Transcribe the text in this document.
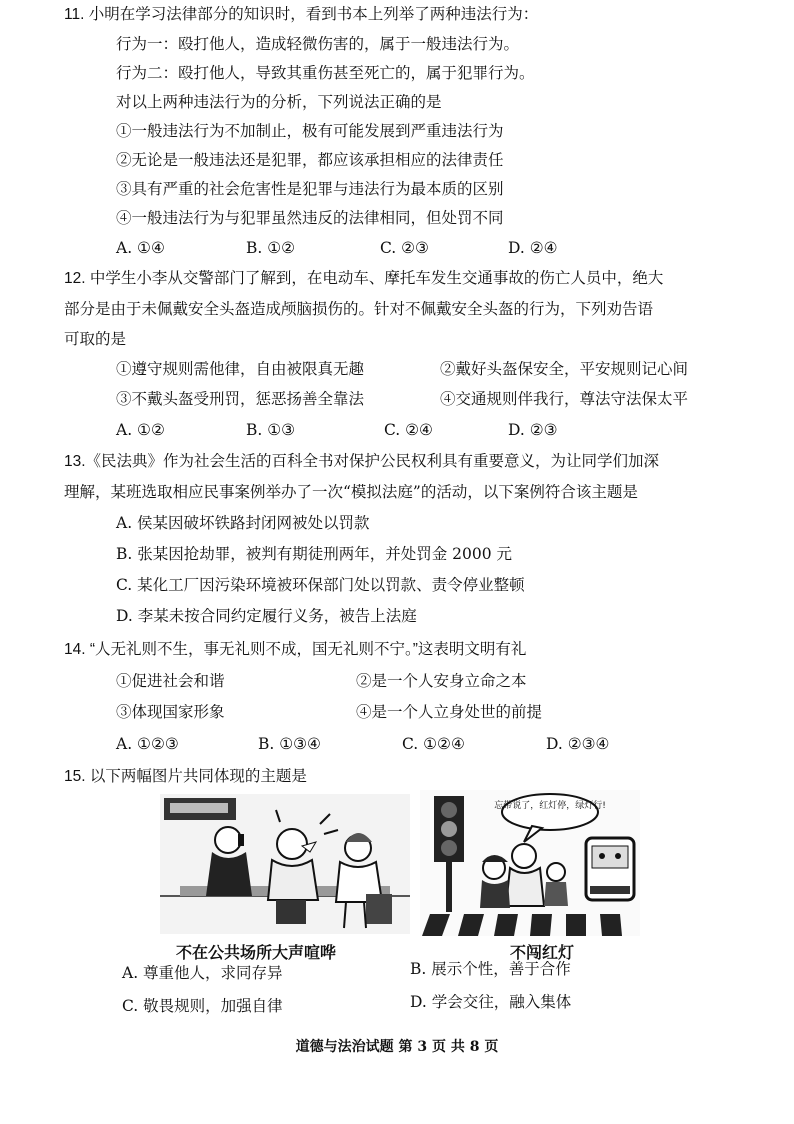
11. 小明在学习法律部分的知识时，看到书本上列举了两种违法行为：
行为一：殴打他人，造成轻微伤害的，属于一般违法行为。
行为二：殴打他人，导致其重伤甚至死亡的，属于犯罪行为。
对以上两种违法行为的分析，下列说法正确的是
①一般违法行为不加制止，极有可能发展到严重违法行为
②无论是一般违法还是犯罪，都应该承担相应的法律责任
③具有严重的社会危害性是犯罪与违法行为最本质的区别
④一般违法行为与犯罪虽然违反的法律相同，但处罚不同
A. ①④	B. ①②	C. ②③	D. ②④
12. 中学生小李从交警部门了解到，在电动车、摩托车发生交通事故的伤亡人员中，绝大
部分是由于未佩戴安全头盔造成颅脑损伤的。针对不佩戴安全头盔的行为，下列劝告语
可取的是
①遵守规则需他律，自由被限真无趣	②戴好头盔保安全，平安规则记心间
③不戴头盔受刑罚，惩恶扬善全靠法	④交通规则伴我行，尊法守法保太平
A. ①②	B. ①③	C. ②④	D. ②③
13.《民法典》作为社会生活的百科全书对保护公民权利具有重要意义，为让同学们加深
理解，某班选取相应民事案例举办了一次“模拟法庭”的活动，以下案例符合该主题是
A. 侯某因破坏铁路封闭网被处以罚款
B. 张某因抢劫罪，被判有期徒刑两年，并处罚金 2000 元
C. 某化工厂因污染环境被环保部门处以罚款、责令停业整顿
D. 李某未按合同约定履行义务，被告上法庭
14. “人无礼则不生，事无礼则不成，国无礼则不宁。”这表明文明有礼
①促进社会和谐	②是一个人安身立命之本
③体现国家形象	④是一个人立身处世的前提
A. ①②③	B. ①③④	C. ①②④	D. ②③④
15. 以下两幅图片共同体现的主题是
不在公共场所大声喧哗
忘带说了，红灯停，绿灯行!
不闯红灯
A. 尊重他人，求同存异	B. 展示个性，善于合作
C. 敬畏规则，加强自律	D. 学会交往，融入集体
道德与法治试题 第 3 页 共 8 页
